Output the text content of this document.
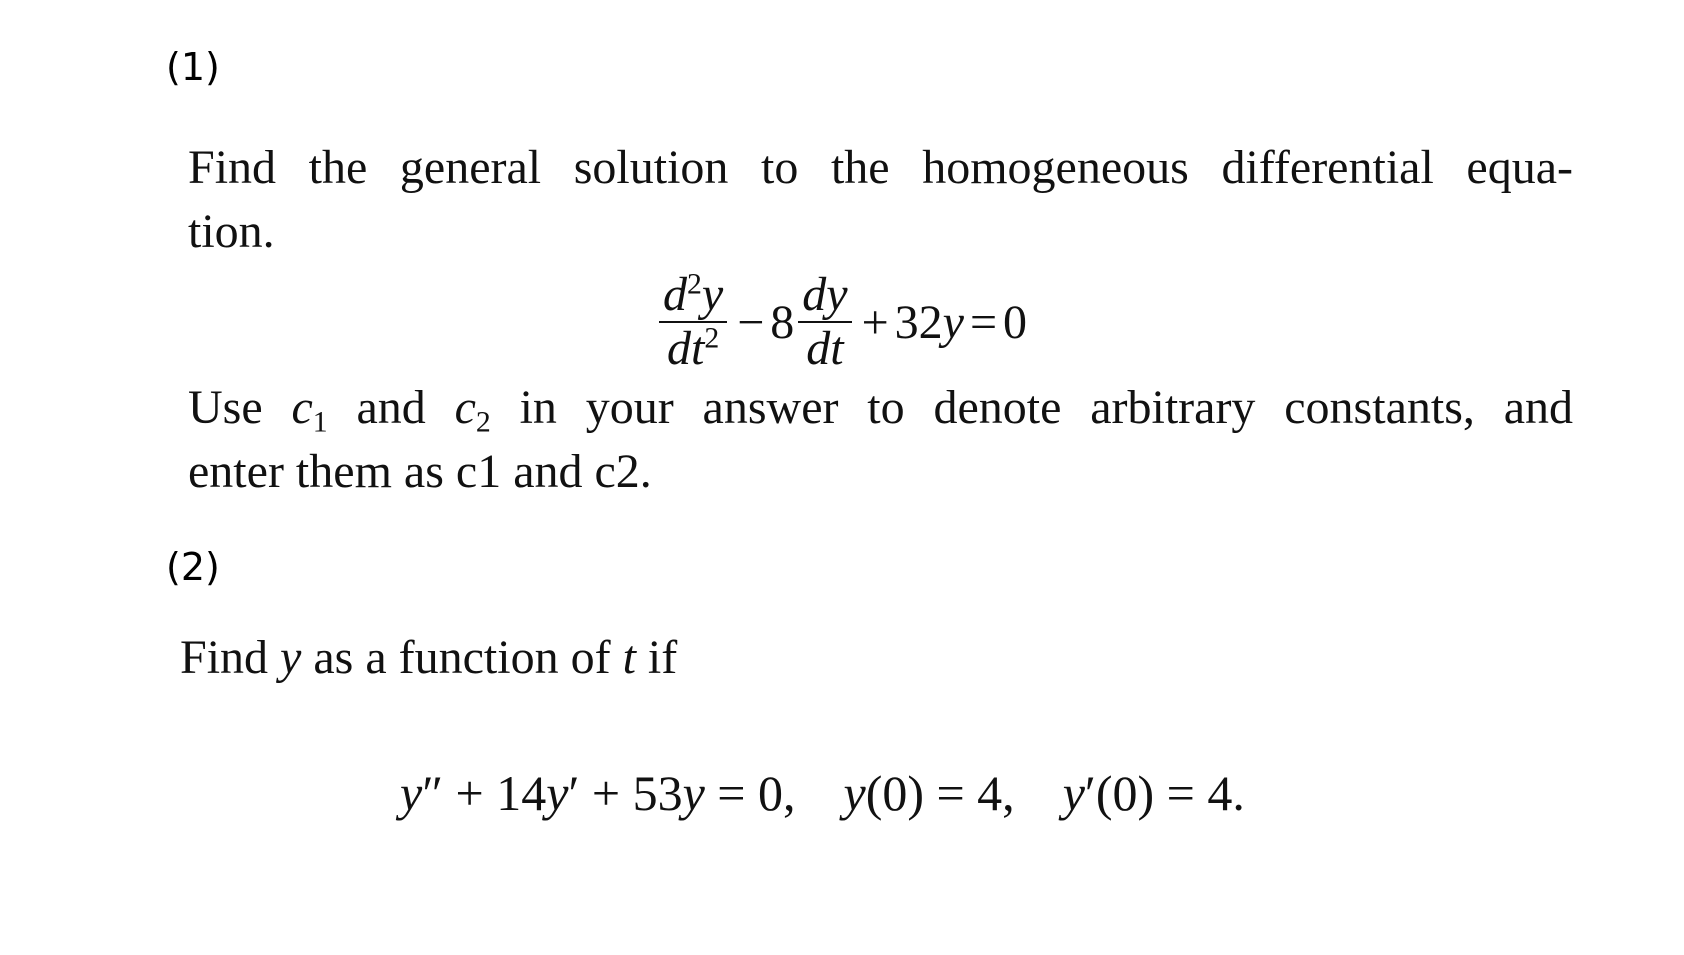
(1)
Find the general solution to the homogeneous differential equa-
tion.
$\frac{d^2y}{dt^2} - 8 \frac{dy}{dt} + 32y = 0$
Use $c_1$ and $c_2$ in your answer to denote arbitrary constants, and
enter them as c1 and c2.
(2)
Find y as a function of t if
y″ + 14y′ + 53y = 0, y(0) = 4, y′(0) = 4.
